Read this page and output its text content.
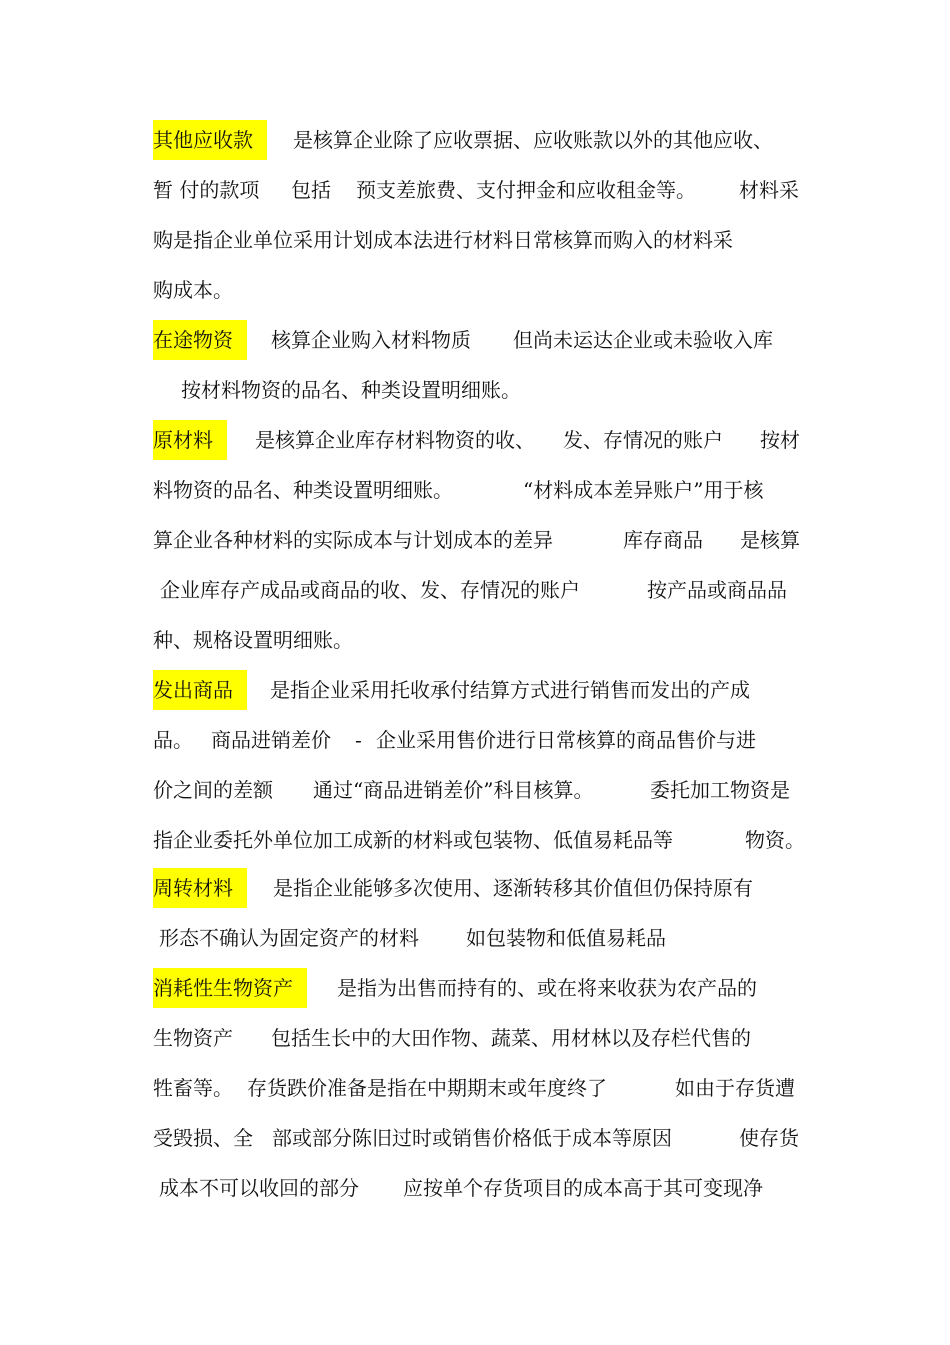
其他应收款	是核算企业除了应收票据、应收账款以外的其他应收、
暂 付的款项 包括 预支差旅费、支付押金和应收租金等。 材料采
购是指企业单位采用计划成本法进行材料日常核算而购入的材料采
购成本。
在途物资	核算企业购入材料物质 但尚未运达企业或未验收入库
按材料物资的品名、种类设置明细账。
原材料	是核算企业库存材料物资的收、 发、存情况的账户 按材
料物资的品名、种类设置明细账。	“材料成本差异账户”用于核
算企业各种材料的实际成本与计划成本的差异	库存商品 是核算
企业库存产成品或商品的收、发、存情况的账户	按产品或商品品
种、规格设置明细账。
发出商品	是指企业采用托收承付结算方式进行销售而发出的产成
品。 商品进销差价 - 企业采用售价进行日常核算的商品售价与进
价之间的差额 通过“商品进销差价”科目核算。	委托加工物资是
指企业委托外单位加工成新的材料或包装物、低值易耗品等	物资。
周转材料	是指企业能够多次使用、逐渐转移其价值但仍保持原有
形态不确认为固定资产的材料 如包装物和低值易耗品
消耗性生物资产	是指为出售而持有的、或在将来收获为农产品的
生物资产 包括生长中的大田作物、蔬菜、用材林以及存栏代售的
牲畜等。 存货跌价准备是指在中期期末或年度终了	如由于存货遭
受毁损、全 部或部分陈旧过时或销售价格低于成本等原因	使存货
成本不可以收回的部分 应按单个存货项目的成本高于其可变现净
